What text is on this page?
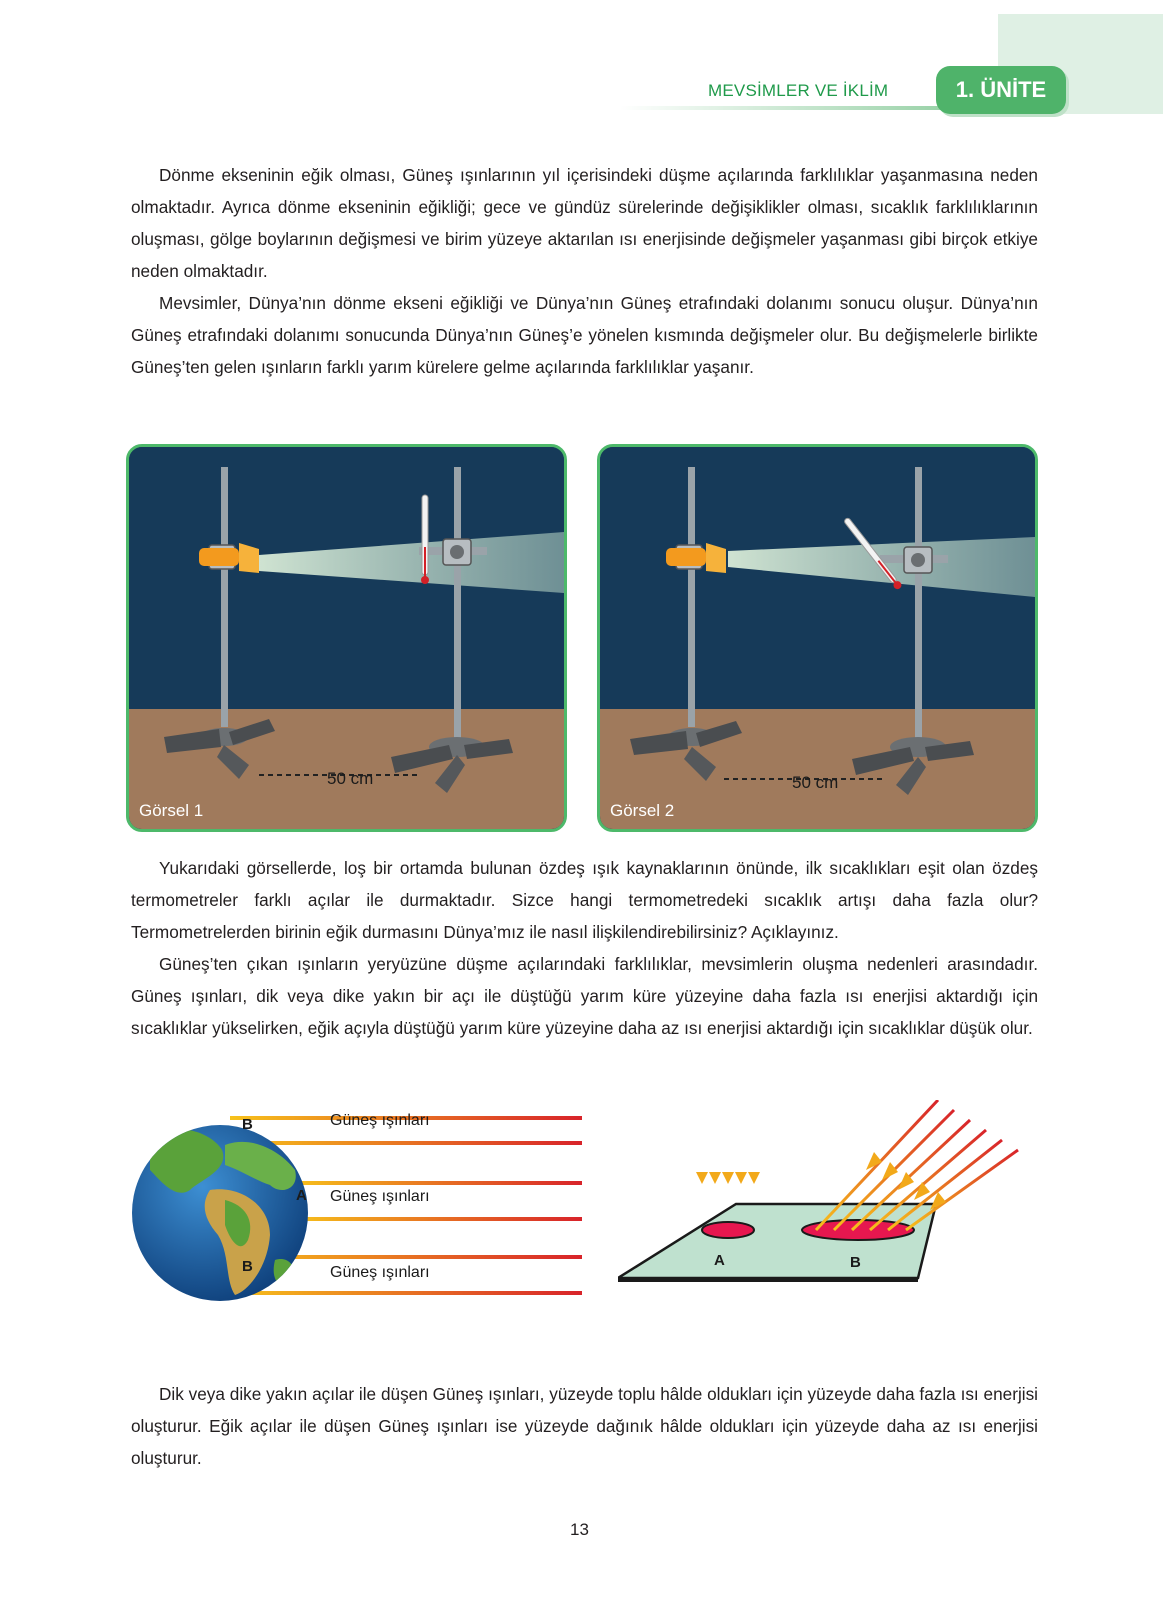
MEVSİMLER VE İKLİM	1. ÜNİTE

Dönme ekseninin eğik olması, Güneş ışınlarının yıl içerisindeki düşme açılarında farklılıklar yaşanmasına neden olmaktadır. Ayrıca dönme ekseninin eğikliği; gece ve gündüz sürelerinde değişiklikler olması, sıcaklık farklılıklarının oluşması, gölge boylarının değişmesi ve birim yüzeye aktarılan ısı enerjisinde değişmeler yaşanması gibi birçok etkiye neden olmaktadır.

Mevsimler, Dünya’nın dönme ekseni eğikliği ve Dünya’nın Güneş etrafındaki dolanımı sonucu oluşur. Dünya’nın Güneş etrafındaki dolanımı sonucunda Dünya’nın Güneş’e yönelen kısmında değişmeler olur. Bu değişmelerle birlikte Güneş’ten gelen ışınların farklı yarım kürelere gelme açılarında farklılıklar yaşanır.

50 cm
Görsel 1
50 cm
Görsel 2

Yukarıdaki görsellerde, loş bir ortamda bulunan özdeş ışık kaynaklarının önünde, ilk sıcaklıkları eşit olan özdeş termometreler farklı açılar ile durmaktadır. Sizce hangi termometredeki sıcaklık artışı daha fazla olur? Termometrelerden birinin eğik durmasını Dünya’mız ile nasıl ilişkilendirebilirsiniz? Açıklayınız.

Güneş’ten çıkan ışınların yeryüzüne düşme açılarındaki farklılıklar, mevsimlerin oluşma nedenleri arasındadır. Güneş ışınları, dik veya dike yakın bir açı ile düştüğü yarım küre yüzeyine daha fazla ısı enerjisi aktardığı için sıcaklıklar yükselirken, eğik açıyla düştüğü yarım küre yüzeyine daha az ısı enerjisi aktardığı için sıcaklıklar düşük olur.

Güneş ışınları
Güneş ışınları
Güneş ışınları
B
A
B	A	B

Dik veya dike yakın açılar ile düşen Güneş ışınları, yüzeyde toplu hâlde oldukları için yüzeyde daha fazla ısı enerjisi oluşturur. Eğik açılar ile düşen Güneş ışınları ise yüzeyde dağınık hâlde oldukları için yüzeyde daha az ısı enerjisi oluşturur.

13
